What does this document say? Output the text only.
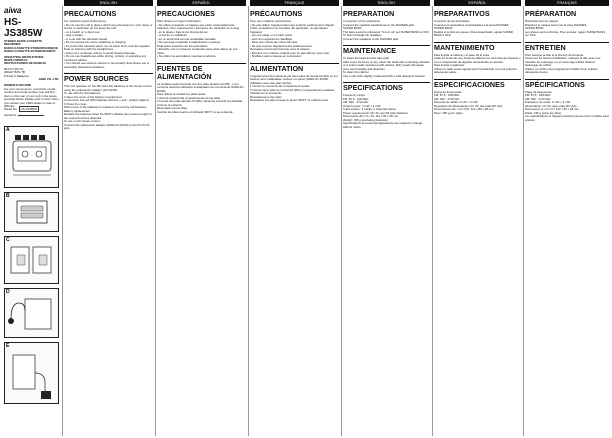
aiwa
HS-JS385W

STEREO RADIO CASSETTE RECORDER
RADIO-CASSETTE STEREOPHONIQUE
RADIO-CASSETTE ESTEREOFONICO

OPERATING INSTRUCTIONS
MODE D'EMPLOI
INSTRUCCIONES DE MANEJO

8Z-FUT-907-01
000227 BXS-TB
Printed in Malaysia

AIWA CO.,LTD.

OWNER'S RECORD

For your convenience, record the model number and serial number (you will find them on the rear of your set) in the space provided below. Please refer to them when you contact your AIWA dealer in case of difficulty.

Model No. HS-JS385W
Serial No.
A
B
C
D
E
ENGLISH
PRECAUTIONS

For maximum good performance
• Do not use the unit in places which are extremely hot, cold, dusty or humid. In particular, do not leave the unit:
- on a beach or in direct sun
- near a heater
- in a car with the windows closed
• Do not expose the unit to splashing or dripping.
• To protect the cassette tapes, do not leave them near the speaker.
Note on listening with the headphones
• Listen at a moderate volume to avoid hearing damage.
• Do not use headphones while driving, cycling, or operating any motorized vehicle.
• You should use extreme caution or temporarily discontinue use in potentially hazardous situations.

POWER SOURCES

This unit operates on two R6 (size AA) batteries or the house current using the optional AC adaptor (AC-DC09).
To use with dry cell batteries
1 Open the cover of the battery compartment.
2 Insert two size AA (R6) batteries with the + and - polarity aligned.
3 Close the cover.
When none of the batteries is replaced, remove the old batteries.
Battery replacement
Replace the batteries when the BATT indicator lamp does not light or the sound becomes distorted.
To use on AC house current
Connect the optional AC adaptor (AIWA AC-DC09) to the DC IN 3V jack.

ESPAÑOL
PRECAUCIONES

Para obtener el mejor rendimiento
• No utilice el aparato en lugares que estén extremadamente calientes, fríos, polvorientos o húmedos. En particular no lo deje:
- en la playa o bajo la luz directa del sol
- cerca de un calefactor
- en un automóvil con las ventanillas cerradas
• No exponga el aparato a salpicaduras ni goteos.
Nota sobre escucha con los auriculares
• Escuche con un volumen moderado para evitar daños en sus oídos.
• No utilice los auriculares mientras conduzca.

FUENTES DE ALIMENTACIÓN

La unidad puede funcionar con dos pilas tamaño AA (R6), o con corriente eléctrica utilizando el adaptador de CA opcional (AIWA AC-DC09).
Para utilizar la unidad con pilas secas
1 Abra la cubierta del compartimiento de las pilas.
2 Inserte dos pilas tamaño AA (R6), haciendo coincidir la polaridad.
3 Cierre la cubierta.
Reemplazo de las pilas
Cambie las pilas cuando el indicador BATT no se encienda.

FRANÇAIS
PRÉCAUTIONS

Pour une meilleure performance
• Ne pas utiliser l'appareil dans des endroits extrêmement chauds, froids, poussiéreux ou humides. En particulier, ne pas laisser l'appareil:
- sur une plage ou en plein soleil
- près d'un appareil de chauffage
- dans une voiture aux vitres fermées
• Ne pas exposer l'appareil à des éclaboussures.
Remarque concernant l'écoute avec le casque
• Écoutez à un volume modéré pour ne pas abîmer votre ouïe.
• N'utilisez pas le casque en conduisant.

ALIMENTATION

L'appareil peut être alimenté par deux piles de format AA (R6) ou sur secteur avec l'adaptateur secteur en option (AIWA AC-DC09).
Utilisation avec des piles sèches
1 Ouvrez le couvercle du compartiment à piles.
2 Insérez deux piles de format AA (R6) en respectant les polarités.
3 Refermez le couvercle.
Remplacement des piles
Remplacez les piles lorsque le témoin BATT ne s'allume plus.

ENGLISH
PREPARATION

Connection of the earphones
Connect the supplied headphones to the PHONES jack.
SUPER BASS
The bass sound is enhanced. To turn off, set SUPER BASS to OFF.
To listen through the speakers
Connect the speakers to the PHONES jack.

MAINTENANCE

To clean the head and the tape path
After every 10 hours of use, clean the head with a cleaning cassette or a cotton swab moistened with alcohol. Dirty heads will cause poor sound quality and distortion.
To clean the cabinet
Use a soft cloth slightly moistened with a mild detergent solution.

SPECIFICATIONS

Frequency range
FM: 87.5 - 108 MHz
AM: 530 - 1710 kHz
Output power: 4 mW + 4 mW
Track system: 4 tracks, 2 channels stereo
Power requirements: DC 3V, two R6 (AA) batteries
Dimensions (W x H x D): 112 x 82 x 28 mm
Weight: 195 g (excluding batteries)
Specifications and external appearance are subject to change without notice.

ESPAÑOL
PREPARATIVOS

Conexión de los auriculares
Conecte los auriculares suministrados a la toma PHONES.
SUPER BASS
Realza el sonido de graves. Para desactivarlo, ajuste SUPER BASS a OFF.

MANTENIMIENTO

Para limpiar la cabeza y el paso de la cinta
Cada 10 horas de uso, limpie la cabeza con una cinta de limpieza o con un bastoncillo de algodón humedecido en alcohol.
Para limpiar el gabinete
Utilice un paño suave ligeramente humedecido con una solución detergente suave.

ESPECIFICACIONES

Gama de frecuencias
FM: 87,5 - 108 MHz
AM: 530 - 1710 kHz
Potencia de salida: 4 mW + 4 mW
Requisitos de alimentación: CC 3V, dos pilas R6 (AA)
Dimensiones (An x Al x Prf): 112 x 82 x 28 mm
Peso: 195 g (sin pilas)

FRANÇAIS
PRÉPARATION

Raccordement du casque
Branchez le casque fourni sur la prise PHONES.
SUPER BASS
Les graves sont renforcés. Pour annuler, réglez SUPER BASS sur OFF.

ENTRETIEN

Pour nettoyer la tête et le chemin de la bande
Toutes les 10 heures d'utilisation, nettoyez la tête avec une cassette de nettoyage ou un coton-tige imbibé d'alcool.
Nettoyage du coffret
Utilisez un chiffon doux légèrement imbibé d'une solution détergente douce.

SPÉCIFICATIONS

Plage de fréquences
FM: 87,5 - 108 MHz
AM: 530 - 1710 kHz
Puissance de sortie: 4 mW + 4 mW
Alimentation: CC 3V, deux piles R6 (AA)
Dimensions (L x H x P): 112 x 82 x 28 mm
Poids: 195 g (sans les piles)
Les spécifications et l'aspect extérieur peuvent être modifiés sans préavis.
